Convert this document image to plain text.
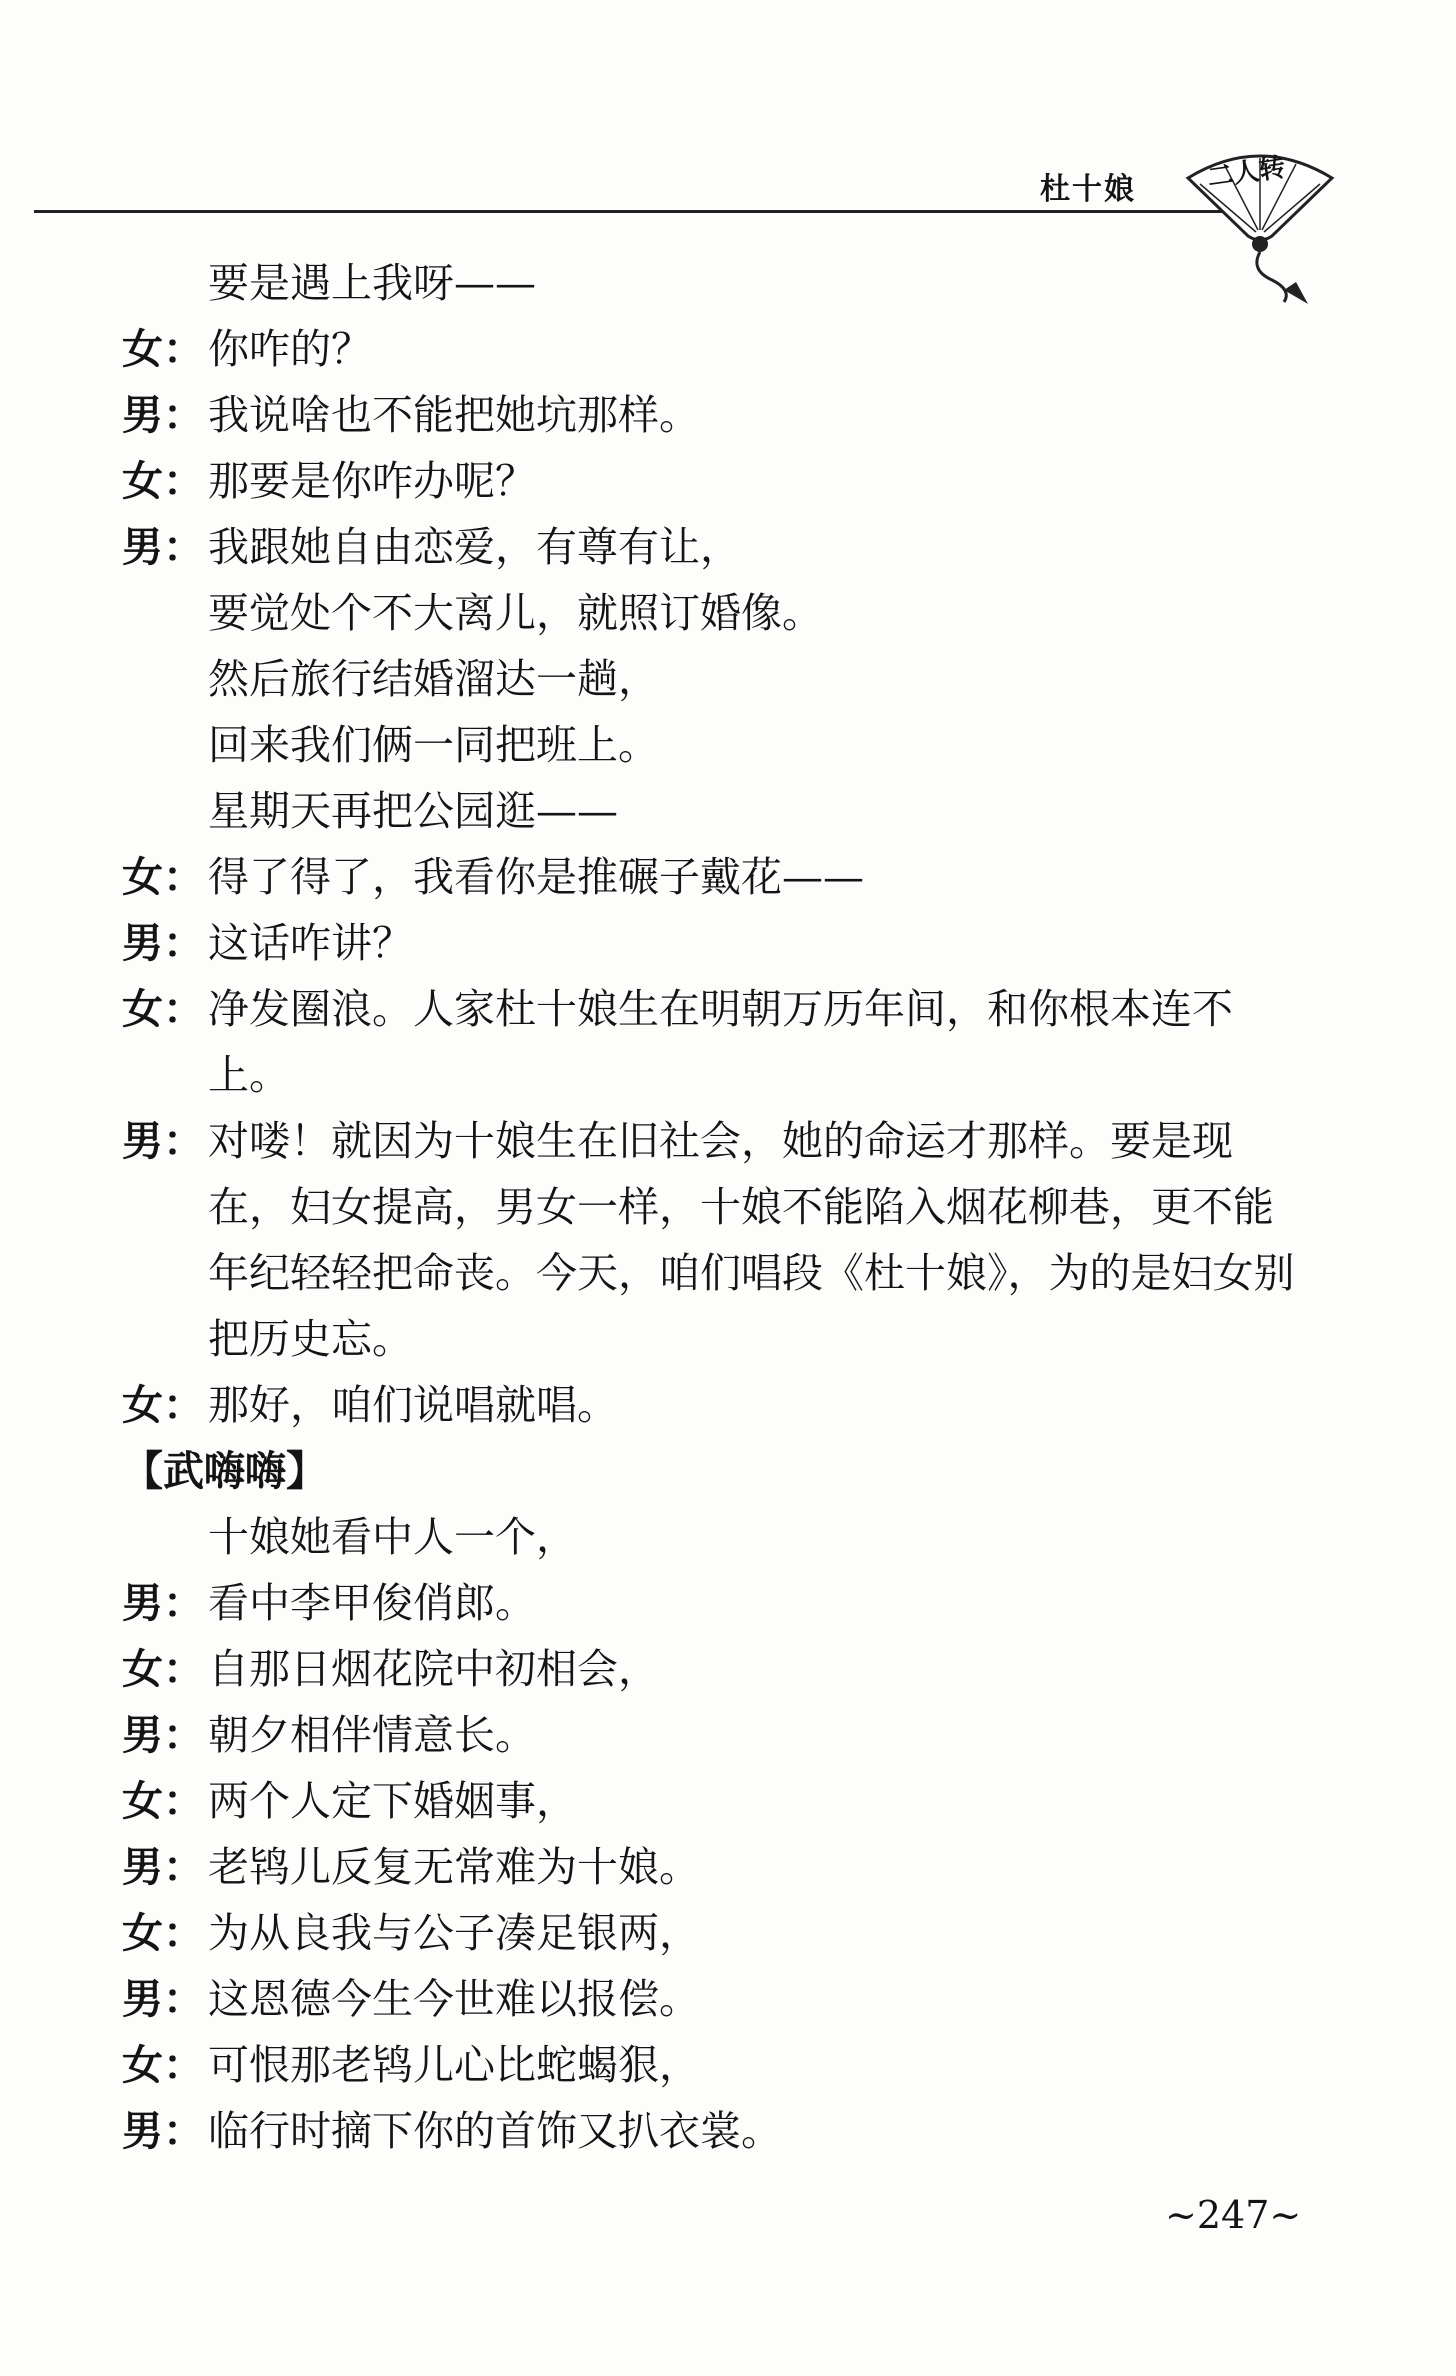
杜十娘	二人转
要是遇上我呀——
女： 你咋的？
男： 我说啥也不能把她坑那样。
女： 那要是你咋办呢？
男： 我跟她自由恋爱，有尊有让，
要觉处个不大离儿，就照订婚像。
然后旅行结婚溜达一趟，
回来我们俩一同把班上。
星期天再把公园逛——
女： 得了得了，我看你是推碾子戴花——
男： 这话咋讲？
女： 净发圈浪。人家杜十娘生在明朝万历年间，和你根本连不上。
男： 对喽！就因为十娘生在旧社会，她的命运才那样。要是现在，妇女提高，男女一样，十娘不能陷入烟花柳巷，更不能年纪轻轻把命丧。今天，咱们唱段《杜十娘》，为的是妇女别把历史忘。
女： 那好，咱们说唱就唱。
【武嗨嗨】
十娘她看中人一个，
男： 看中李甲俊俏郎。
女： 自那日烟花院中初相会，
男： 朝夕相伴情意长。
女： 两个人定下婚姻事，
男： 老鸨儿反复无常难为十娘。
女： 为从良我与公子凑足银两，
男： 这恩德今生今世难以报偿。
女： 可恨那老鸨儿心比蛇蝎狠，
男： 临行时摘下你的首饰又扒衣裳。
~247~
